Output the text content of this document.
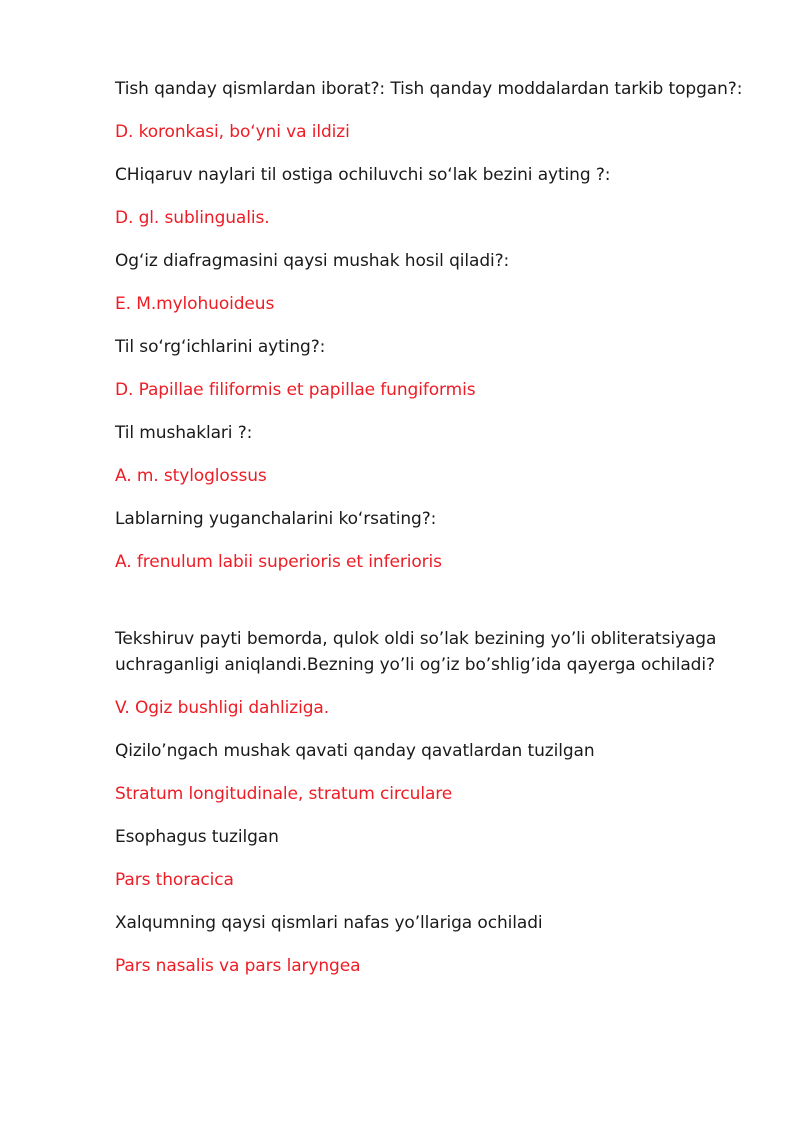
Tish qanday qismlardan iborat?: Tish qanday moddalardan tarkib topgan?:

D. koronkasi, bo‘yni va ildizi

CHiqaruv naylari til ostiga ochiluvchi so‘lak bezini ayting ?:

D. gl. sublingualis.

Og‘iz diafragmasini qaysi mushak hosil qiladi?:

E. M.mylohuoideus

Til so‘rg‘ichlarini ayting?:

D. Papillae filiformis et papillae fungiformis

Til mushaklari ?:

A. m. styloglossus

Lablarning yuganchalarini ko‘rsating?:

A. frenulum labii superioris et inferioris

Tekshiruv payti bemorda, qulok oldi so’lak bezining yo’li obliteratsiyaga uchraganligi aniqlandi.Bezning yo’li og’iz bo’shlig’ida qayerga ochiladi?

V. Ogiz bushligi dahliziga.

Qizilo’ngach mushak qavati qanday qavatlardan tuzilgan

Stratum longitudinale, stratum circulare

Esophagus tuzilgan

Pars thoracica

Xalqumning qaysi qismlari nafas yo’llariga ochiladi

Pars nasalis va pars laryngea
